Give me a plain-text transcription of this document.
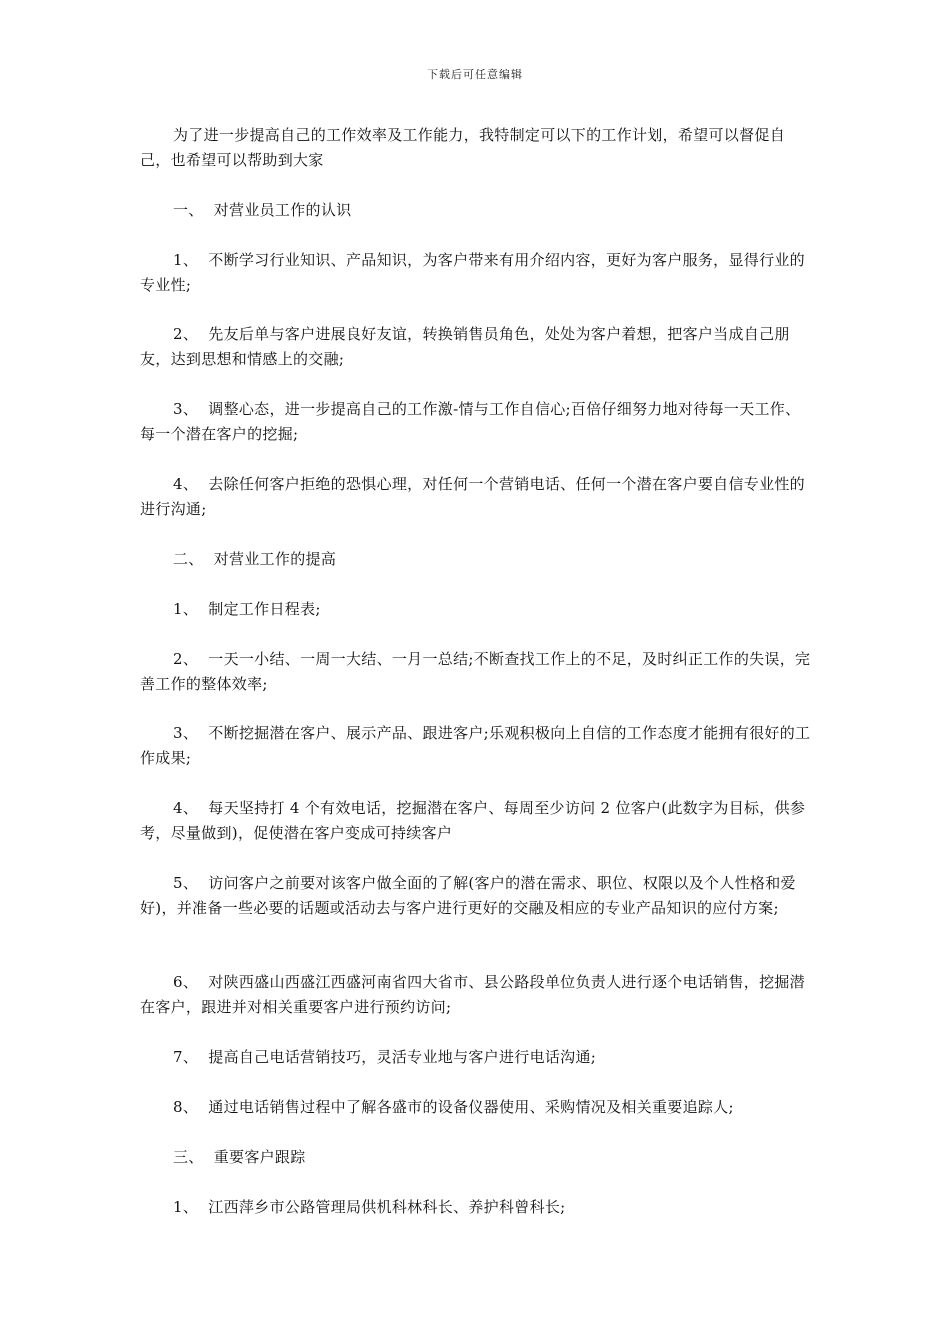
下载后可任意编辑

为了进一步提高自己的工作效率及工作能力，我特制定可以下的工作计划，希望可以督促自己，也希望可以帮助到大家

一、  对营业员工作的认识

1、  不断学习行业知识、产品知识，为客户带来有用介绍内容，更好为客户服务，显得行业的专业性;

2、  先友后单与客户进展良好友谊，转换销售员角色，处处为客户着想，把客户当成自己朋友，达到思想和情感上的交融;

3、  调整心态，进一步提高自己的工作激-情与工作自信心;百倍仔细努力地对待每一天工作、每一个潜在客户的挖掘;

4、  去除任何客户拒绝的恐惧心理，对任何一个营销电话、任何一个潜在客户要自信专业性的进行沟通;

二、  对营业工作的提高

1、  制定工作日程表;

2、  一天一小结、一周一大结、一月一总结;不断查找工作上的不足，及时纠正工作的失误，完善工作的整体效率;

3、  不断挖掘潜在客户、展示产品、跟进客户;乐观积极向上自信的工作态度才能拥有很好的工作成果;

4、  每天坚持打 4 个有效电话，挖掘潜在客户、每周至少访问 2 位客户(此数字为目标，供参考，尽量做到)，促使潜在客户变成可持续客户

5、  访问客户之前要对该客户做全面的了解(客户的潜在需求、职位、权限以及个人性格和爱好)，并准备一些必要的话题或活动去与客户进行更好的交融及相应的专业产品知识的应付方案;

6、  对陕西盛山西盛江西盛河南省四大省市、县公路段单位负责人进行逐个电话销售，挖掘潜在客户，跟进并对相关重要客户进行预约访问;

7、  提高自己电话营销技巧，灵活专业地与客户进行电话沟通;

8、  通过电话销售过程中了解各盛市的设备仪器使用、采购情况及相关重要追踪人;

三、  重要客户跟踪

1、  江西萍乡市公路管理局供机科林科长、养护科曾科长;
